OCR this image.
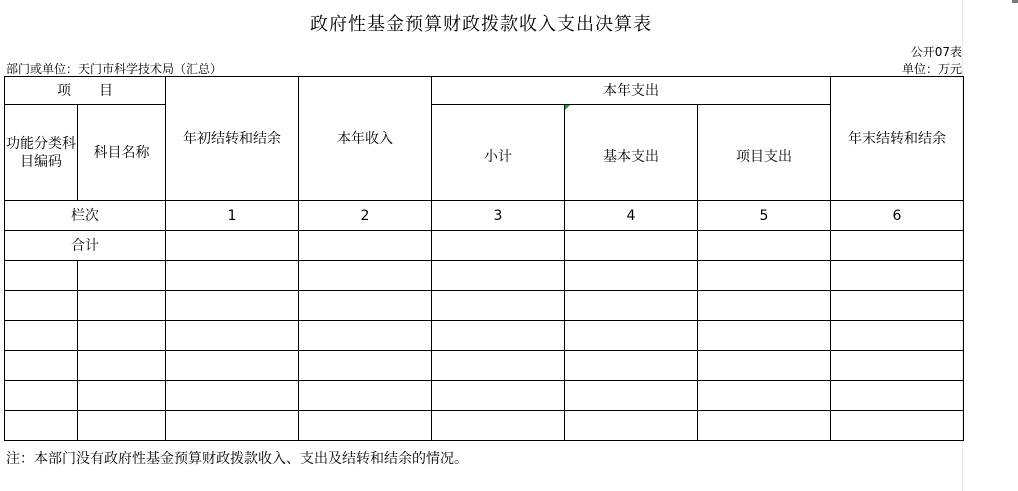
政府性基金预算财政拨款收入支出决算表
公开07表
部门或单位：天门市科学技术局（汇总）	单位：万元
项　　目		年初结转和结余	本年收入	本年支出			年末结转和结余
功能分类科目编码	科目名称			小计	基本支出	项目支出	
栏次		1	2	3	4	5	6
合计							

注：本部门没有政府性基金预算财政拨款收入、支出及结转和结余的情况。
